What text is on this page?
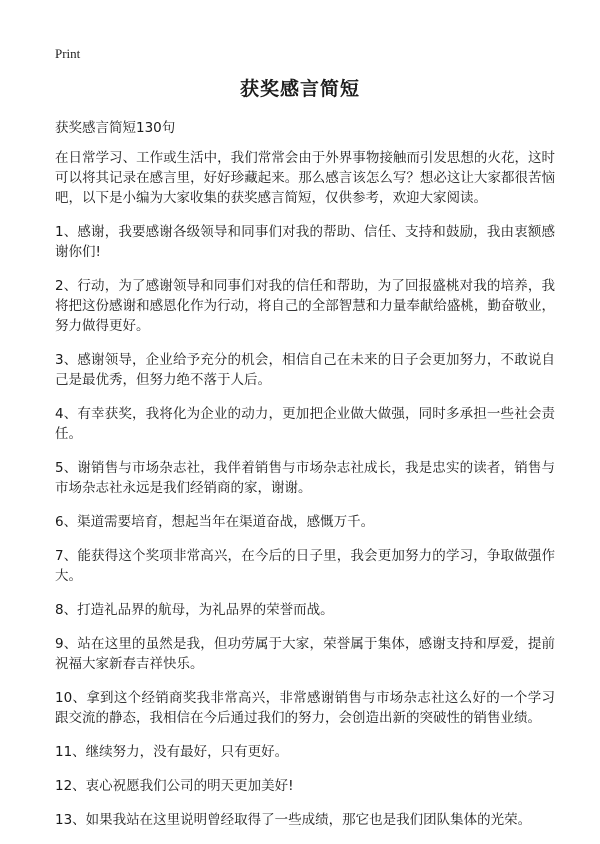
Print
获奖感言简短

获奖感言简短130句

在日常学习、工作或生活中，我们常常会由于外界事物接触而引发思想的火花，这时可以将其记录在感言里，好好珍藏起来。那么感言该怎么写？想必这让大家都很苦恼吧，以下是小编为大家收集的获奖感言简短，仅供参考，欢迎大家阅读。

1、感谢，我要感谢各级领导和同事们对我的帮助、信任、支持和鼓励，我由衷额感谢你们!

2、行动，为了感谢领导和同事们对我的信任和帮助，为了回报盛桃对我的培养，我将把这份感谢和感恩化作为行动，将自己的全部智慧和力量奉献给盛桃，勤奋敬业，努力做得更好。

3、感谢领导，企业给予充分的机会，相信自己在未来的日子会更加努力，不敢说自己是最优秀，但努力绝不落于人后。

4、有幸获奖，我将化为企业的动力，更加把企业做大做强，同时多承担一些社会责任。

5、谢销售与市场杂志社，我伴着销售与市场杂志社成长，我是忠实的读者，销售与市场杂志社永远是我们经销商的家，谢谢。

6、渠道需要培育，想起当年在渠道奋战，感慨万千。

7、能获得这个奖项非常高兴，在今后的日子里，我会更加努力的学习，争取做强作大。

8、打造礼品界的航母，为礼品界的荣誉而战。

9、站在这里的虽然是我，但功劳属于大家，荣誉属于集体，感谢支持和厚爱，提前祝福大家新春吉祥快乐。

10、拿到这个经销商奖我非常高兴，非常感谢销售与市场杂志社这么好的一个学习跟交流的静态，我相信在今后通过我们的努力，会创造出新的突破性的销售业绩。

11、继续努力，没有最好，只有更好。

12、衷心祝愿我们公司的明天更加美好!

13、如果我站在这里说明曾经取得了一些成绩，那它也是我们团队集体的光荣。
